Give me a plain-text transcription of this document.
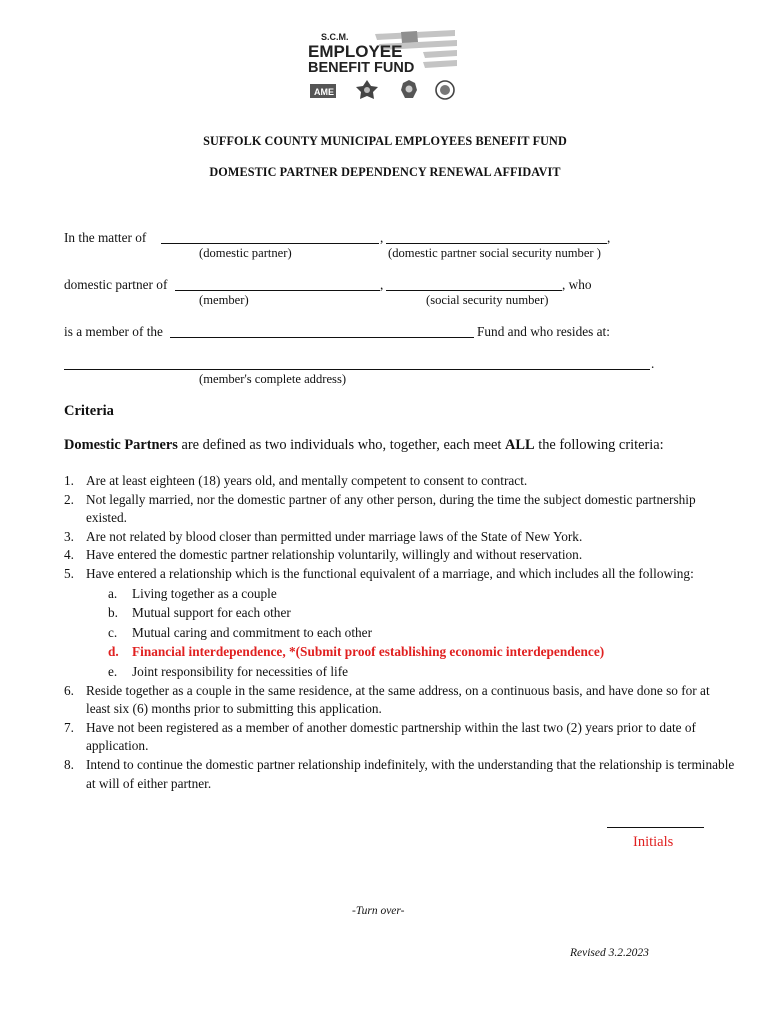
S.C.M.
EMPLOYEE
BENEFIT FUND
AME
SUFFOLK COUNTY MUNICIPAL EMPLOYEES BENEFIT FUND
DOMESTIC PARTNER DEPENDENCY RENEWAL AFFIDAVIT
In the matter of	,	,
(domestic partner)	(domestic partner social security number )
domestic partner of	,	, who
(member)	(social security number)
is a member of the	Fund and who resides at:
.
(member's complete address)
Criteria
Domestic Partners are defined as two individuals who, together, each meet ALL the following criteria:
1. Are at least eighteen (18) years old, and mentally competent to consent to contract.
2. Not legally married, nor the domestic partner of any other person, during the time the subject domestic partnership existed.
3. Are not related by blood closer than permitted under marriage laws of the State of New York.
4. Have entered the domestic partner relationship voluntarily, willingly and without reservation.
5. Have entered a relationship which is the functional equivalent of a marriage, and which includes all the following:
a. Living together as a couple
b. Mutual support for each other
c. Mutual caring and commitment to each other
d. Financial interdependence, *(Submit proof establishing economic interdependence)
e. Joint responsibility for necessities of life
6. Reside together as a couple in the same residence, at the same address, on a continuous basis, and have done so for at least six (6) months prior to submitting this application.
7. Have not been registered as a member of another domestic partnership within the last two (2) years prior to date of application.
8. Intend to continue the domestic partner relationship indefinitely, with the understanding that the relationship is terminable at will of either partner.
Initials
-Turn over-
Revised 3.2.2023
